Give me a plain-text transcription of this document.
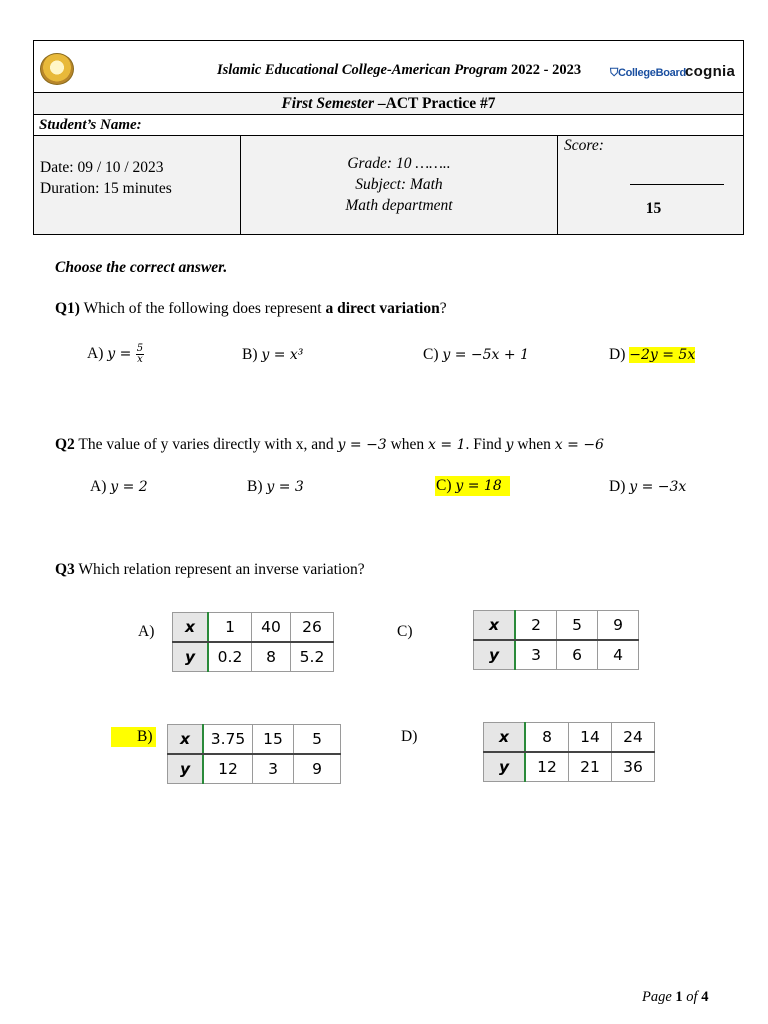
Islamic Educational College-American Program 2022 - 2023	⛉CollegeBoard cognia
First Semester –ACT Practice #7
Student’s Name:
Date: 09 / 10 / 2023
Duration: 15 minutes
Grade: 10 ……..
Subject: Math
Math department
Score:
15
Choose the correct answer.
Q1) Which of the following does represent a direct variation?
A) $y = \frac{5}{x}$	B) y = x³	C) y = −5x + 1	D) −2y = 5x
Q2 The value of y varies directly with x, and y = −3 when x = 1. Find y when x = −6
A) y = 2	B) y = 3	C) y = 18	D) y = −3x
Q3 Which relation represent an inverse variation?
A) x	1	40	26
y	0.2	8	5.2
C)	x	2	5	9
y	3	6	4
B) x	3.75	15	5
y	12	3	9
D)	x	8	14	24
y	12	21	36
Page 1 of 4
